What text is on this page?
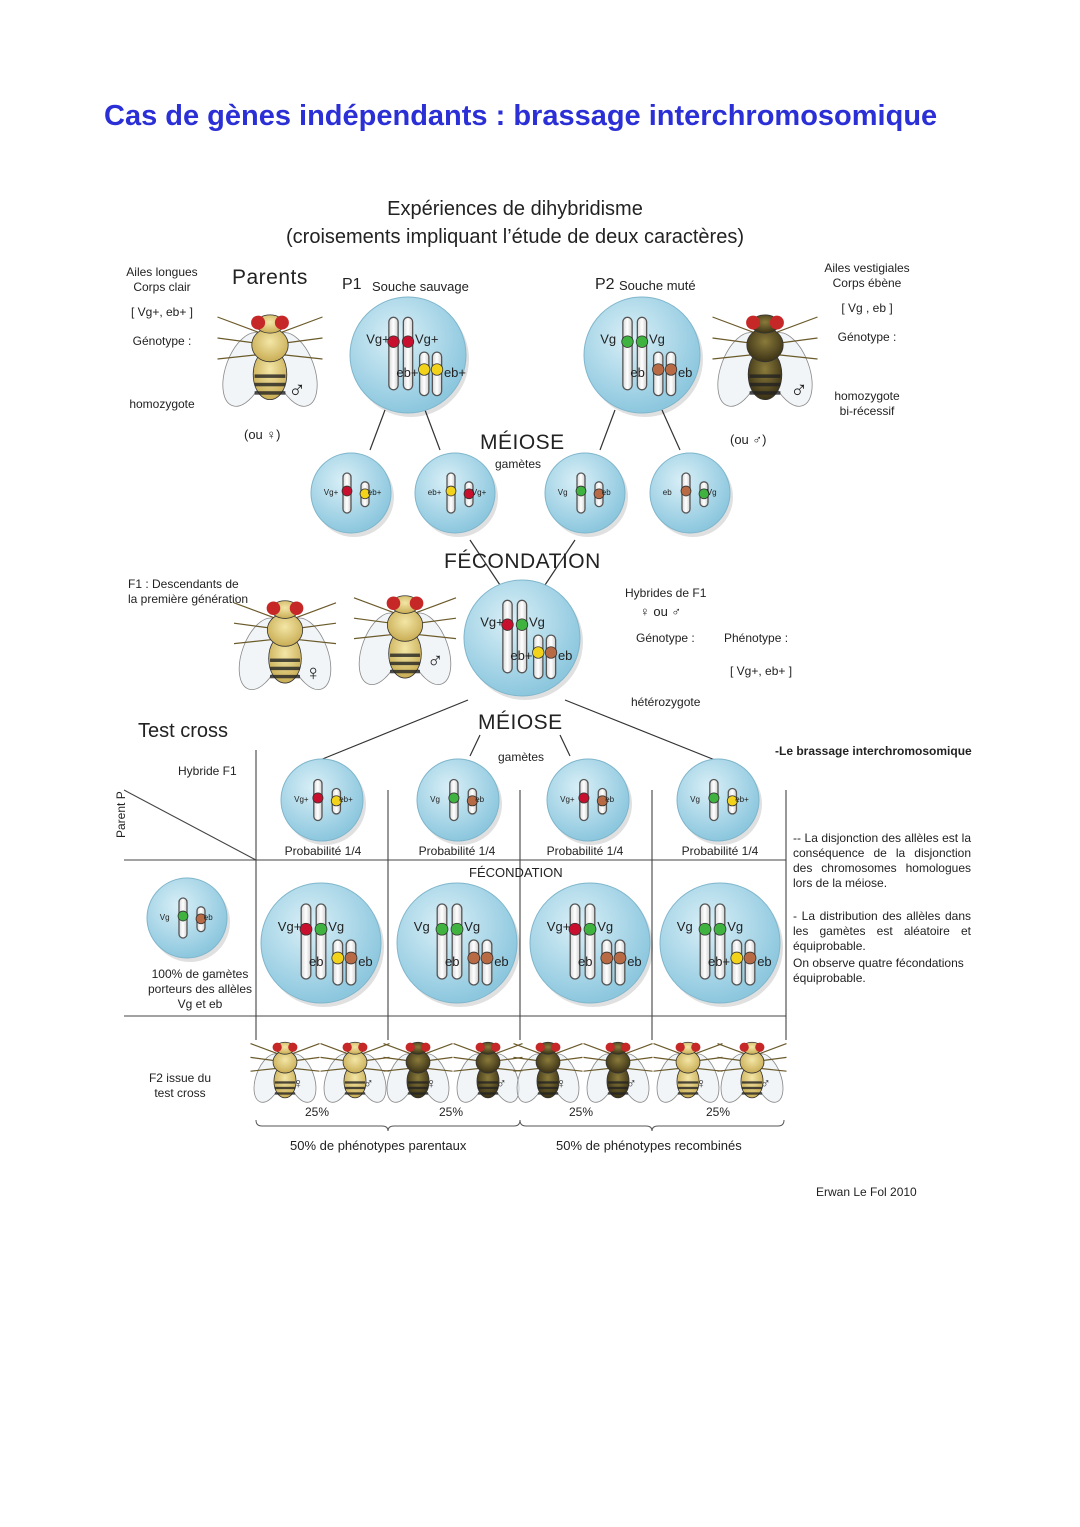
Cas de gènes indépendants : brassage interchromosomique
Expériences de dihybridisme
(croisements impliquant l’étude de deux caractères)
♂
Vg+ Vg+
eb+ eb+
Vg	Vg
eb	eb
♂
Vg+	eb+	eb+	Vg+	Vg	eb	eb	Vg
♀	♂
Vg+ Vg
eb+ eb
Vg+	eb+	Vg	eb	Vg+	eb	Vg	eb+
Vg	eb
Vg+ Vg
eb	eb
Vg	Vg
eb	eb
Vg+ Vg
eb	eb
Vg	Vg
eb+ eb
♀	♂	♀	♂	♀	♂	♀	♂
Ailes longues
Corps clair
[ Vg+, eb+ ]
Génotype :
homozygote
(ou ♀)
Parents P1 Souche sauvage	P2 Souche muté
Ailes vestigiales
Corps ébène
[ Vg , eb ]
Génotype :
homozygote
bi-récessif
(ou ♂)
MÉIOSE
gamètes
FÉCONDATION
F1 : Descendants de
la première génération	Hybrides de F1
♀ ou ♂
Génotype : Phénotype :
[ Vg+, eb+ ]
hétérozygote
Test cross	MÉIOSE
gamètes
Hybride F1
Parent P
Probabilité 1/4	Probabilité 1/4	Probabilité 1/4	Probabilité 1/4
FÉCONDATION
100% de gamètes
porteurs des allèles
Vg et eb
F2 issue du
test cross
25%	25%	25%	25%
50% de phénotypes parentaux	50% de phénotypes recombinés
-Le brassage interchromosomique
-- La disjonction des allèles est la conséquence de la disjonction des chromosomes homologues lors de la méiose.
- La distribution des allèles dans les gamètes est aléatoire et équiprobable.
On observe quatre fécondations équiprobable.
Erwan Le Fol 2010
